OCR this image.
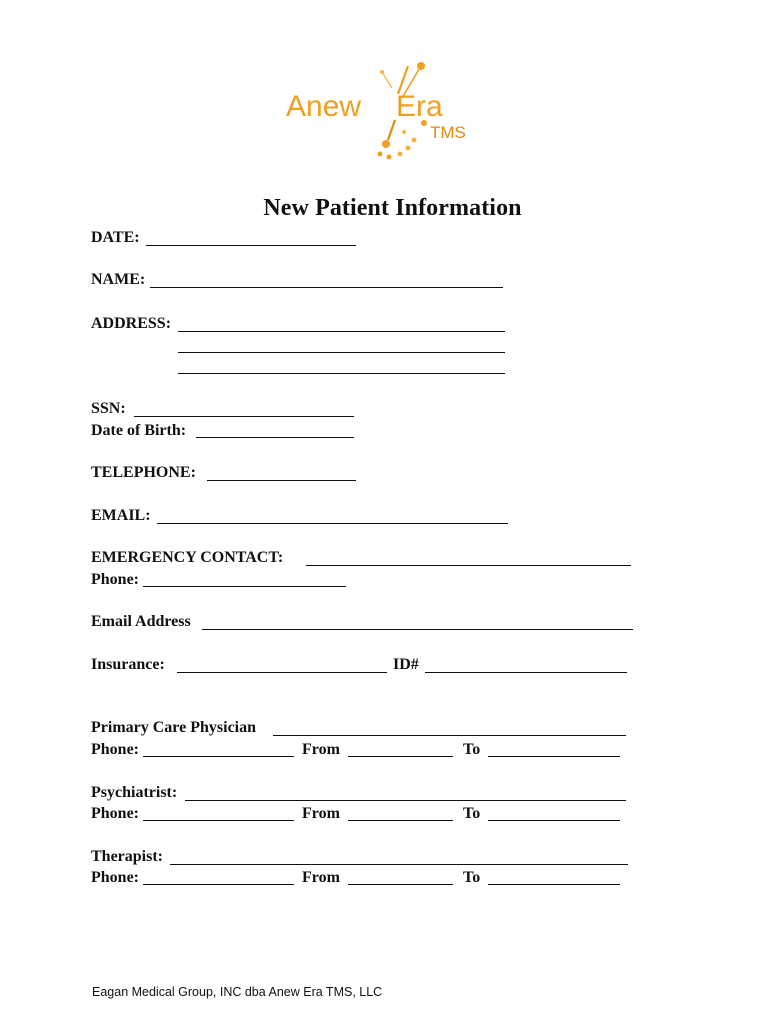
Anew Era
TMS
New Patient Information
DATE:
NAME:
ADDRESS:
SSN:
Date of Birth:
TELEPHONE:
EMAIL:
EMERGENCY CONTACT:
Phone:
Email Address
Insurance:	ID#
Primary Care Physician
Phone:	From	To
Psychiatrist:
Phone:	From	To
Therapist:
Phone:	From	To
Eagan Medical Group, INC dba Anew Era TMS, LLC
